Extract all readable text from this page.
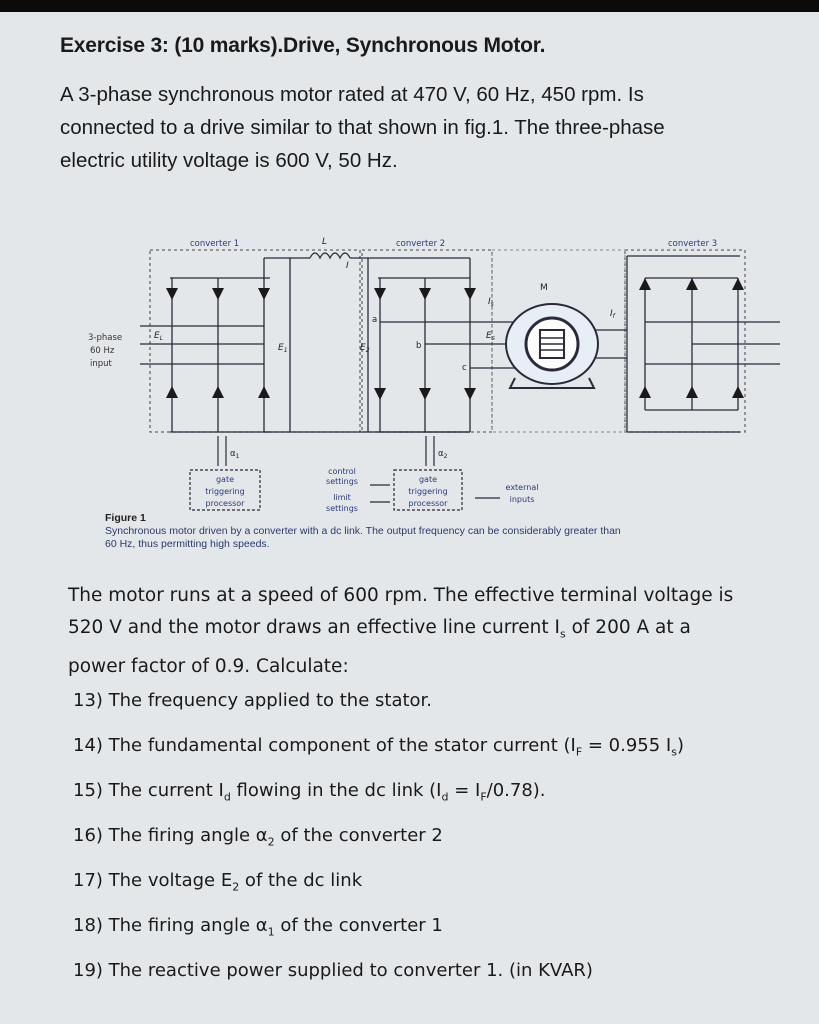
Exercise 3: (10 marks).Drive, Synchronous Motor.
A 3-phase synchronous motor rated at 470 V, 60 Hz, 450 rpm. Is
connected to a drive similar to that shown in fig.1. The three-phase
electric utility voltage is 600 V, 50 Hz.
converter 1	converter 2	converter 3
L
I
M
3-phase
60 Hz
input
$E_L$
$E_1$	$E_2$
$E_s$
$I_s$
$I_f$
a
b
c
$\alpha_1$	$\alpha_2$
gate
triggering
processor
gate
triggering
processor
control
settings
limit
settings
external
inputs
Figure 1
Synchronous motor driven by a converter with a dc link. The output frequency can be considerably greater than
60 Hz, thus permitting high speeds.
The motor runs at a speed of 600 rpm. The effective terminal voltage is
520 V and the motor draws an effective line current $I_s$ of 200 A at a
power factor of 0.9. Calculate:
13) The frequency applied to the stator.
14) The fundamental component of the stator current ($I_F = 0.955$ $I_s$)
15) The current $I_d$ flowing in the dc link $(I_d = I_F/0.78)$.
16) The firing angle $\alpha_2$ of the converter 2
17) The voltage $E_2$ of the dc link
18) The firing angle $\alpha_1$ of the converter 1
19) The reactive power supplied to converter 1. (in KVAR)
